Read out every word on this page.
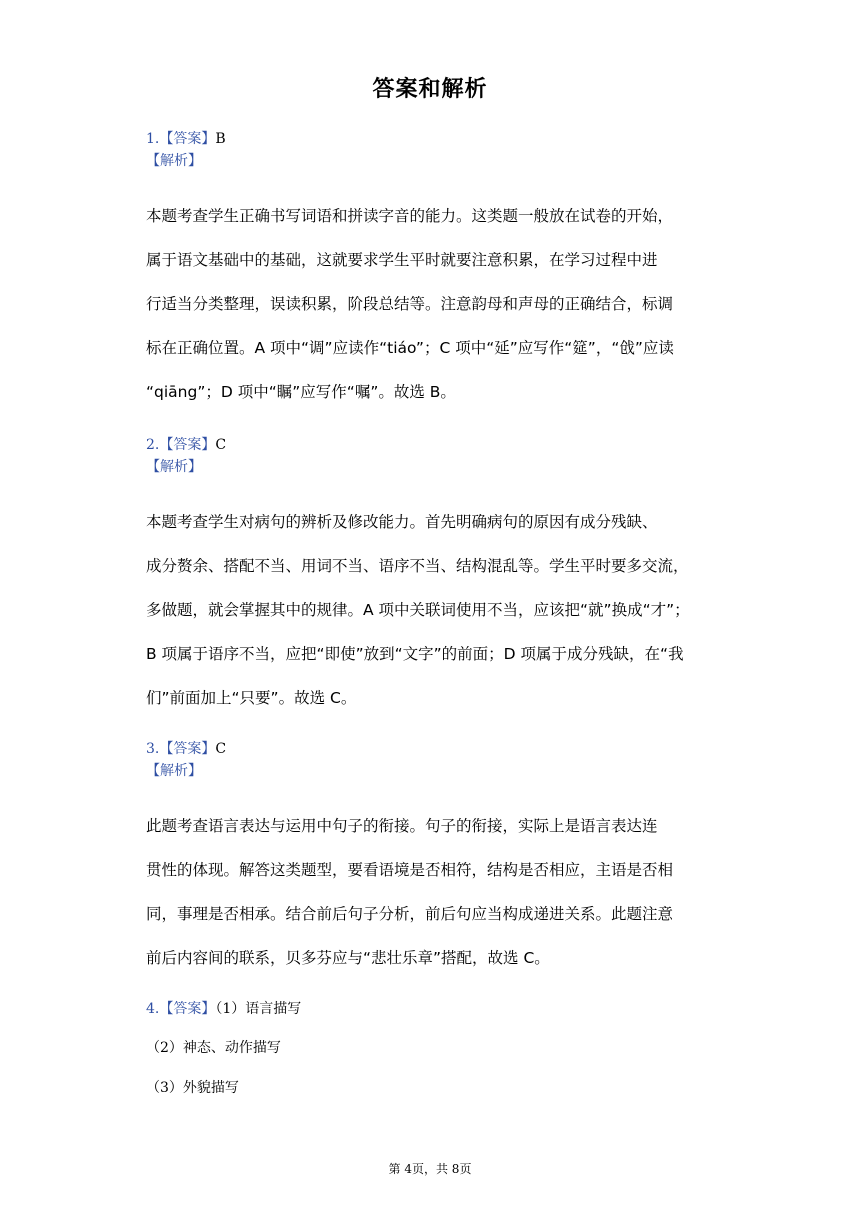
答案和解析
1.【答案】B
【解析】

本题考查学生正确书写词语和拼读字音的能力。这类题一般放在试卷的开始，

属于语文基础中的基础，这就要求学生平时就要注意积累，在学习过程中进

行适当分类整理，误读积累，阶段总结等。注意韵母和声母的正确结合，标调

标在正确位置。A 项中“调”应读作“tiáo”；C 项中“延”应写作“筵”，“戗”应读

“qiāng”；D 项中“瞩”应写作“嘱”。故选 B。

2.【答案】C
【解析】

本题考查学生对病句的辨析及修改能力。首先明确病句的原因有成分残缺、

成分赘余、搭配不当、用词不当、语序不当、结构混乱等。学生平时要多交流，

多做题，就会掌握其中的规律。A 项中关联词使用不当，应该把“就”换成“才”；

B 项属于语序不当，应把“即使”放到“文字”的前面；D 项属于成分残缺，在“我

们”前面加上“只要”。故选 C。

3.【答案】C
【解析】

此题考查语言表达与运用中句子的衔接。句子的衔接，实际上是语言表达连

贯性的体现。解答这类题型，要看语境是否相符，结构是否相应，主语是否相

同，事理是否相承。结合前后句子分析，前后句应当构成递进关系。此题注意

前后内容间的联系，贝多芬应与“悲壮乐章”搭配，故选 C。

4.【答案】（1）语言描写
（2）神态、动作描写
（3）外貌描写
第 4页，共 8页
